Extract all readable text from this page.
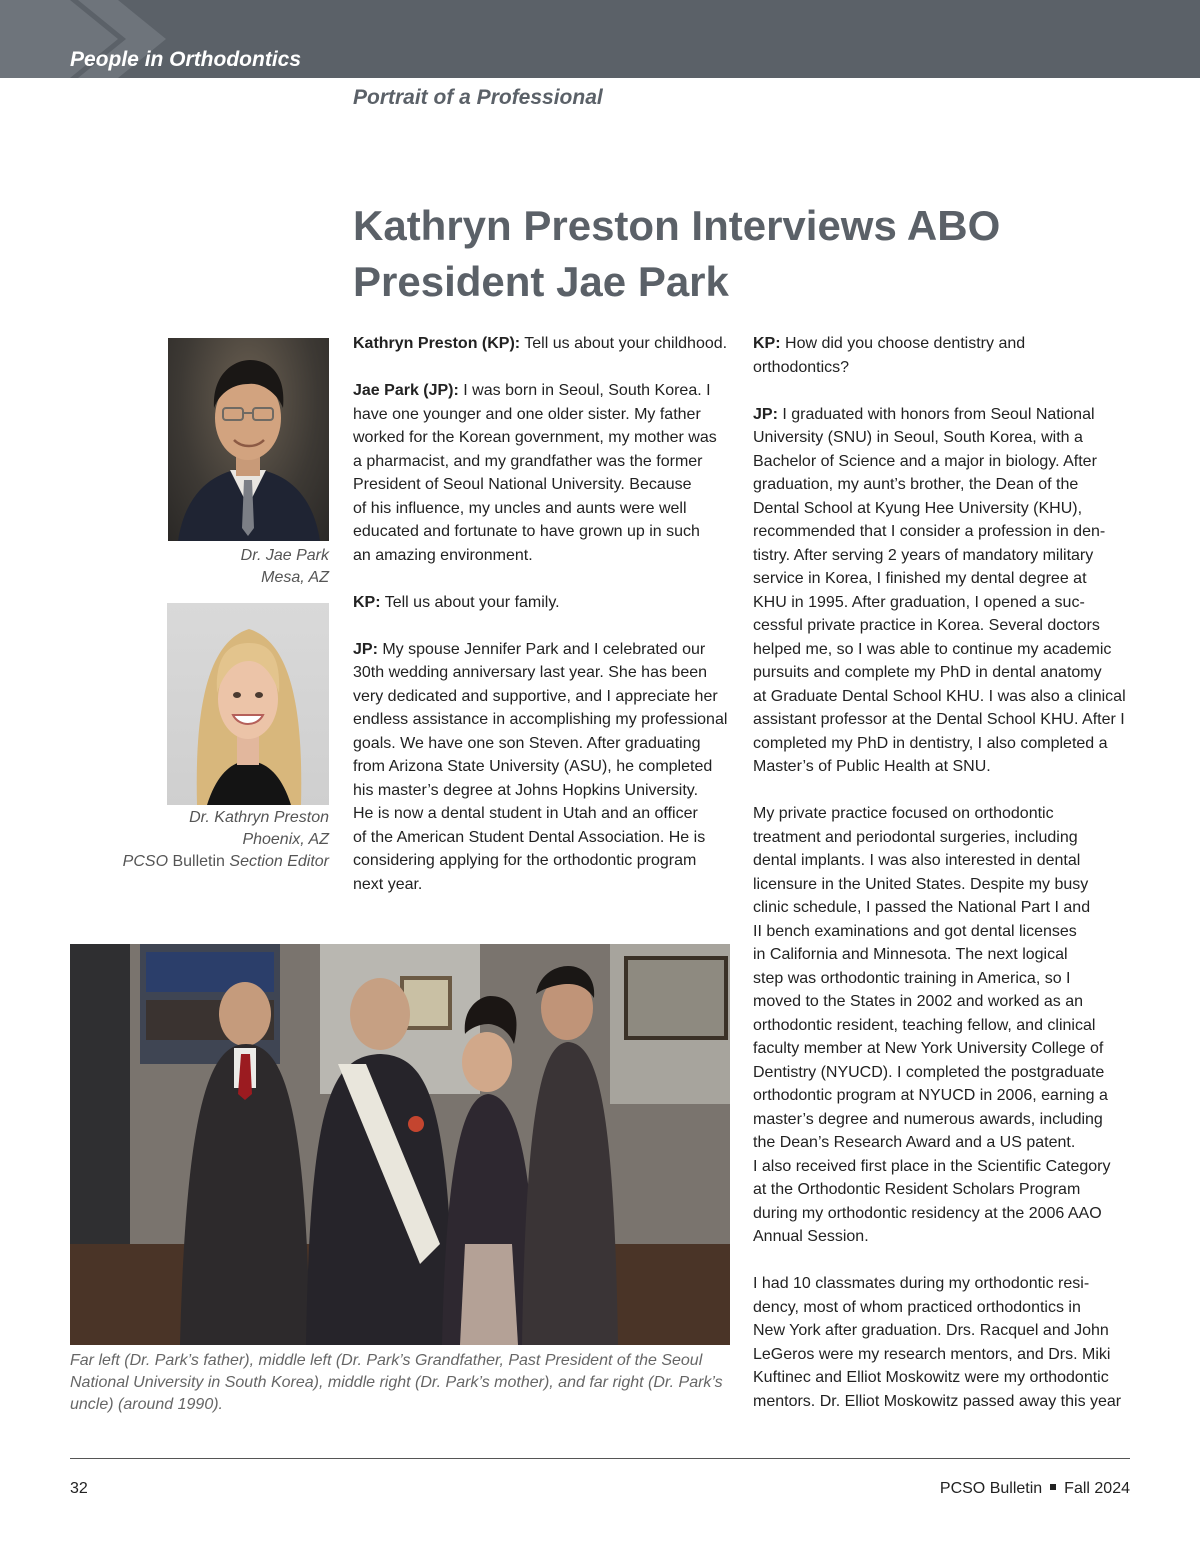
People in Orthodontics
Portrait of a Professional
Kathryn Preston Interviews ABO
President Jae Park
Dr. Jae Park
Mesa, AZ
Dr. Kathryn Preston
Phoenix, AZ
PCSO Bulletin Section Editor
Far left (Dr. Park’s father), middle left (Dr. Park’s Grandfather, Past President of the Seoul
National University in South Korea), middle right (Dr. Park’s mother), and far right (Dr. Park’s
uncle) (around 1990).

Kathryn Preston (KP): Tell us about your childhood.

Jae Park (JP): I was born in Seoul, South Korea. I
have one younger and one older sister. My father
worked for the Korean government, my mother was
a pharmacist, and my grandfather was the former
President of Seoul National University. Because
of his influence, my uncles and aunts were well
educated and fortunate to have grown up in such
an amazing environment.

KP: Tell us about your family.

JP: My spouse Jennifer Park and I celebrated our
30th wedding anniversary last year. She has been
very dedicated and supportive, and I appreciate her
endless assistance in accomplishing my professional
goals. We have one son Steven. After graduating
from Arizona State University (ASU), he completed
his master’s degree at Johns Hopkins University.
He is now a dental student in Utah and an officer
of the American Student Dental Association. He is
considering applying for the orthodontic program
next year.

KP: How did you choose dentistry and
orthodontics?

JP: I graduated with honors from Seoul National
University (SNU) in Seoul, South Korea, with a
Bachelor of Science and a major in biology. After
graduation, my aunt’s brother, the Dean of the
Dental School at Kyung Hee University (KHU),
recommended that I consider a profession in den-
tistry. After serving 2 years of mandatory military
service in Korea, I finished my dental degree at
KHU in 1995. After graduation, I opened a suc-
cessful private practice in Korea. Several doctors
helped me, so I was able to continue my academic
pursuits and complete my PhD in dental anatomy
at Graduate Dental School KHU. I was also a clinical
assistant professor at the Dental School KHU. After I
completed my PhD in dentistry, I also completed a
Master’s of Public Health at SNU.

My private practice focused on orthodontic
treatment and periodontal surgeries, including
dental implants. I was also interested in dental
licensure in the United States. Despite my busy
clinic schedule, I passed the National Part I and
II bench examinations and got dental licenses
in California and Minnesota. The next logical
step was orthodontic training in America, so I
moved to the States in 2002 and worked as an
orthodontic resident, teaching fellow, and clinical
faculty member at New York University College of
Dentistry (NYUCD). I completed the postgraduate
orthodontic program at NYUCD in 2006, earning a
master’s degree and numerous awards, including
the Dean’s Research Award and a US patent.
I also received first place in the Scientific Category
at the Orthodontic Resident Scholars Program
during my orthodontic residency at the 2006 AAO
Annual Session.

I had 10 classmates during my orthodontic resi-
dency, most of whom practiced orthodontics in
New York after graduation. Drs. Racquel and John
LeGeros were my research mentors, and Drs. Miki
Kuftinec and Elliot Moskowitz were my orthodontic
mentors. Dr. Elliot Moskowitz passed away this year

32	PCSO Bulletin Fall 2024
